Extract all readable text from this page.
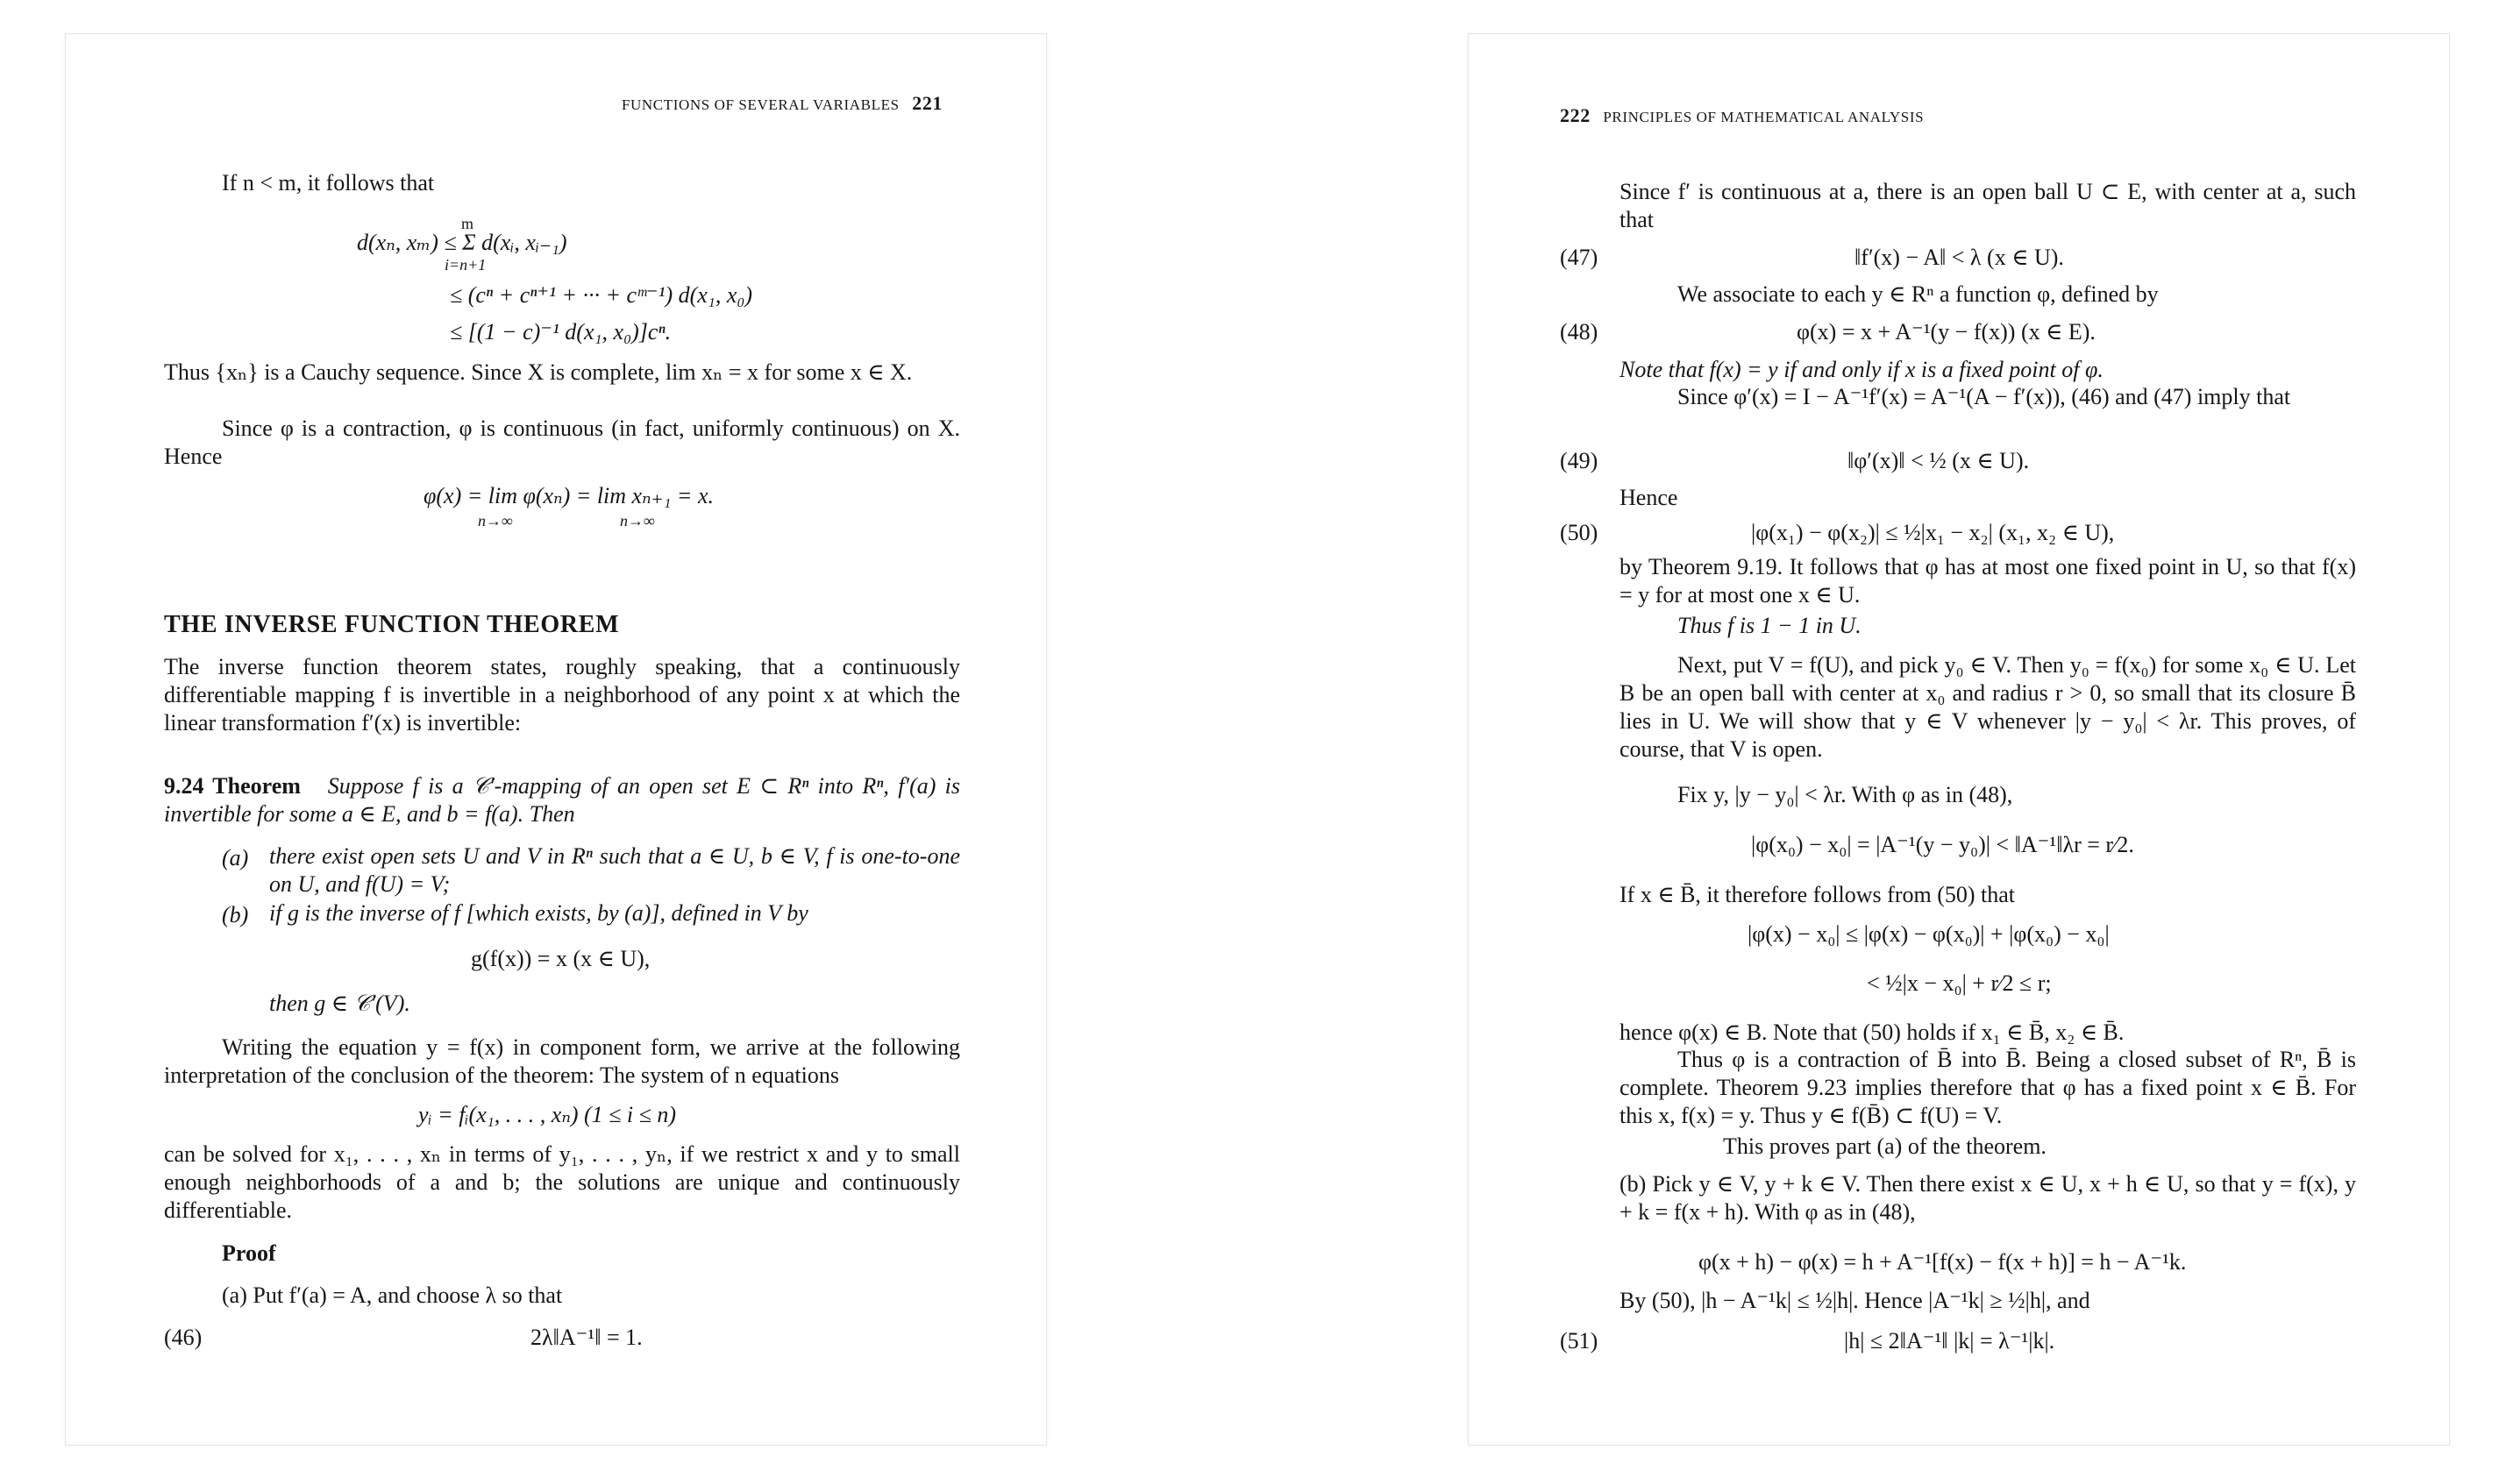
FUNCTIONS OF SEVERAL VARIABLES 221
If n < m, it follows that
m
d(xₙ, xₘ) ≤ Σ d(xᵢ, xᵢ₋₁)
i=n+1
≤ (cⁿ + cⁿ⁺¹ + ··· + cᵐ⁻¹) d(x₁, x₀)
≤ [(1 − c)⁻¹ d(x₁, x₀)]cⁿ.
Thus {xₙ} is a Cauchy sequence. Since X is complete, lim xₙ = x for some x ∈ X.
Since φ is a contraction, φ is continuous (in fact, uniformly continuous) on X. Hence
φ(x) = lim φ(xₙ) = lim xₙ₊₁ = x.
n→∞	n→∞
THE INVERSE FUNCTION THEOREM
The inverse function theorem states, roughly speaking, that a continuously differentiable mapping f is invertible in a neighborhood of any point x at which the linear transformation f′(x) is invertible:
9.24 Theorem Suppose f is a 𝒞′-mapping of an open set E ⊂ Rⁿ into Rⁿ, f′(a) is invertible for some a ∈ E, and b = f(a). Then
(a) there exist open sets U and V in Rⁿ such that a ∈ U, b ∈ V, f is one-to-one on U, and f(U) = V;
(b) if g is the inverse of f [which exists, by (a)], defined in V by
g(f(x)) = x (x ∈ U),
then g ∈ 𝒞′(V).
Writing the equation y = f(x) in component form, we arrive at the following interpretation of the conclusion of the theorem: The system of n equations
yᵢ = fᵢ(x₁, . . . , xₙ) (1 ≤ i ≤ n)
can be solved for x₁, . . . , xₙ in terms of y₁, . . . , yₙ, if we restrict x and y to small enough neighborhoods of a and b; the solutions are unique and continuously differentiable.
Proof
(a) Put f′(a) = A, and choose λ so that
(46)	2λ‖A⁻¹‖ = 1.
222 PRINCIPLES OF MATHEMATICAL ANALYSIS
Since f′ is continuous at a, there is an open ball U ⊂ E, with center at a, such that
(47)	‖f′(x) − A‖ < λ (x ∈ U).
We associate to each y ∈ Rⁿ a function φ, defined by
(48)	φ(x) = x + A⁻¹(y − f(x)) (x ∈ E).
Note that f(x) = y if and only if x is a fixed point of φ.
Since φ′(x) = I − A⁻¹f′(x) = A⁻¹(A − f′(x)), (46) and (47) imply that
(49)	‖φ′(x)‖ < ½ (x ∈ U).
Hence
(50)	|φ(x₁) − φ(x₂)| ≤ ½|x₁ − x₂| (x₁, x₂ ∈ U),
by Theorem 9.19. It follows that φ has at most one fixed point in U, so that f(x) = y for at most one x ∈ U.
Thus f is 1 − 1 in U.
Next, put V = f(U), and pick y₀ ∈ V. Then y₀ = f(x₀) for some x₀ ∈ U. Let B be an open ball with center at x₀ and radius r > 0, so small that its closure B̄ lies in U. We will show that y ∈ V whenever |y − y₀| < λr. This proves, of course, that V is open.
Fix y, |y − y₀| < λr. With φ as in (48),
|φ(x₀) − x₀| = |A⁻¹(y − y₀)| < ‖A⁻¹‖λr = r⁄2.
If x ∈ B̄, it therefore follows from (50) that
|φ(x) − x₀| ≤ |φ(x) − φ(x₀)| + |φ(x₀) − x₀|
< ½|x − x₀| + r⁄2 ≤ r;
hence φ(x) ∈ B. Note that (50) holds if x₁ ∈ B̄, x₂ ∈ B̄.
Thus φ is a contraction of B̄ into B̄. Being a closed subset of Rⁿ, B̄ is complete. Theorem 9.23 implies therefore that φ has a fixed point x ∈ B̄. For this x, f(x) = y. Thus y ∈ f(B̄) ⊂ f(U) = V.
This proves part (a) of the theorem.
(b) Pick y ∈ V, y + k ∈ V. Then there exist x ∈ U, x + h ∈ U, so that y = f(x), y + k = f(x + h). With φ as in (48),
φ(x + h) − φ(x) = h + A⁻¹[f(x) − f(x + h)] = h − A⁻¹k.
By (50), |h − A⁻¹k| ≤ ½|h|. Hence |A⁻¹k| ≥ ½|h|, and
(51)	|h| ≤ 2‖A⁻¹‖ |k| = λ⁻¹|k|.
